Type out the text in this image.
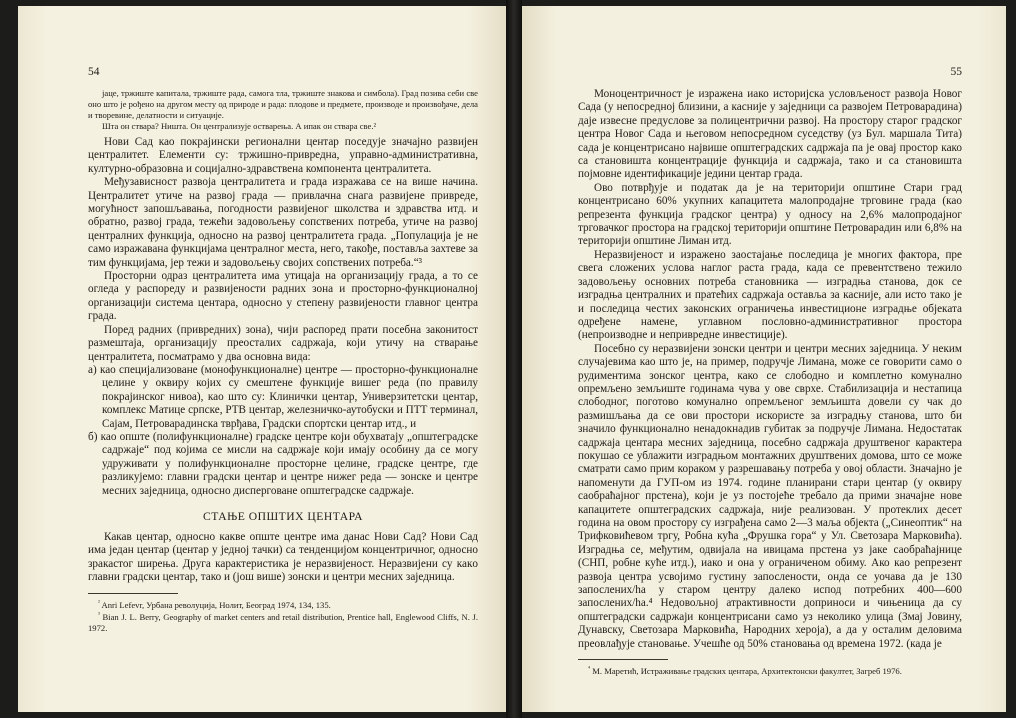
54

јаце, тржиште капитала, тржиште рада, самога тла, тржиште знакова и симбола). Град позива себи све оно што је рођено на другом месту од природе и рада: плодове и предмете, производе и произвођаче, дела и творевине, делатности и ситуације.

Шта он ствара? Ништа. Он централизује остварења. А ипак он ствара све.²

Нови Сад као покрајински регионални центар поседује значајно развијен централитет. Елементи су: тржишно-привредна, управно-административна, културно-образовна и социјално-здравствена компонента централитета.

Међузависност развоја централитета и града изражава се на више начина. Централитет утиче на развој града — привлачна снага развијене привреде, могућност запошљавања, погодности развијеног школства и здравства итд. и обратно, развој града, тежећи задовољењу сопствених потреба, утиче на развој централних функција, односно на развој централитета града. „Популација је не само изражавана функцијама централног места, него, такође, постављa захтеве за тим функцијама, јер тежи и задовољењу својих сопствених потреба.“³

Просторни одраз централитета има утицаја на организацију града, а то се огледа у распореду и развијености радних зона и просторно-функционалној организацији система центара, односно у степену развијености главног центра града.

Поред радних (привредних) зона), чији распоред прати посебна законитост размештаја, организацију преосталих садржаја, који утичу на стварање централитета, посматрамо у два основна вида:

а) као специјализоване (монофункционалне) центре — просторно-функционалне целине у оквиру којих су смештене функције вишег реда (по правилу покрајинског нивоа), као што су: Клинички центар, Универзитетски центар, комплекс Матице српске, РТВ центар, железничко-аутобуски и ПТТ терминал, Сајам, Петроварадинска тврђава, Градски спортски центар итд., и
б) као опште (полифункционалне) градске центре који обухватају „општеградске садржаје“ под којима се мисли на садржаје који имају особину да се могу удруживати у полифункционалне просторне целине, градске центре, где разликујемо: главни градски центар и центре нижег реда — зонске и центре месних заједница, односно дисперговане општеградске садржаје.
СТАЊЕ ОПШТИХ ЦЕНТАРА

Какав центар, односно какве опште центре има данас Нови Сад? Нови Сад има један центар (центар у једној тачки) са тенденцијом концентричног, односно зракастог ширења. Друга карактеристика је неразвијеност. Неразвијени су какo главни градски центар, тако и (још више) зонски и центри месних заједница.

$^{^2}$ Anri Lefevr, Урбана револуција, Нолит, Београд 1974, 134, 135.

$^{^3}$ Bian J. L. Berry, Geography of market centers and retail distribution, Prentice hall, Englewood Cliffs, N. J. 1972.

55

Моноцентричност је изражена иако историјска условљеност развоја Новог Сада (у непосредној близини, а касније у заједници са развојем Петроварадина) даје извесне предуслове за полицентрични развој. На простору старог градског центра Новог Сада и његовом непосредном суседству (уз Бул. маршала Тита) сада је концентрисано највише општеградских садржаја па је овај простор како са становишта концентрације функција и садржаја, тако и са становишта појмовне идентификације једини центар града.

Ово потврђује и податак да је на територији општине Стари град концентрисано 60% укупних капацитета малопродајне трговине града (као репрезента функција градског центра) у односу на 2,6% малопродајног трговачког простора на градској територији општине Петроварадин или 6,8% на територији општине Лиман итд.

Неразвијеност и изражено заостајање последица је многих фактора, пре свега сложених услова наглог раста града, када се превентствено тежило задовољењу основних потреба становника — изградња станова, док се изградња централних и пратећих садржаја оставља за касније, али исто тако је и последица честих законских ограничења инвестиционе изградње објеката одређене намене, углавном пословно-административног простора (непроизводне и непривредне инвестиције).

Посебно су неразвијени зонски центри и центри месних заједница. У неким случајевима као што је, на пример, подручје Лимана, може се говорити само о рудиментима зонског центра, како се слободно и комплетно комунално опремљено земљиште годинама чува у ове сврхе. Стабилизација и нестапица слободног, поготово комунално опремљеног земљишта довели су чак до размишљања да се ови простори искористе за изградњу станова, што би значило функционално ненадокнадив губитак за подручје Лимана. Недостатак садржаја центара месних заједница, посебно садржаја друштвеног карактера покушао се ублажити изградњом монтажних друштвених домова, што се може сматрати само прим кораком у разрешавању потреба у овој области. Значајно је напоменути да ГУП-ом из 1974. године планирани стари центар (у оквиру саобраћајног прстена), који је уз постојеће требало да прими значајне нове капацитете општеградских садржаја, није реализован. У протеклих десет година на овом простору су изграђена само 2—3 маља објекта („Синеоптик“ на Трифковићевом тргу, Робна кућа „Фрушка гора“ у Ул. Светозара Марковића). Изградња се, међутим, одвијала на ивицама прстена уз јаке саобраћајнице (СНП, робне куће итд.), иако и она у ограниченом обиму. Ако као репрезент развоја центра усвојимо густину запослености, онда се уочава да је 130 запослених/ha у старом центру далеко испод потребних 400—600 запослених/ha.⁴ Недовољној атрактивности доприноси и чињеница да су општеградски садржаји концентрисани само уз неколико улица (Змај Јовину, Дунавску, Светозара Марковића, Народних хероја), а да у осталим деловима преовлађује становање. Учешће од 50% становања од времена 1972. (када је

$^{^4}$ М. Маретић, Истраживање градских центара, Архитектонски факултет, Загреб 1976.
